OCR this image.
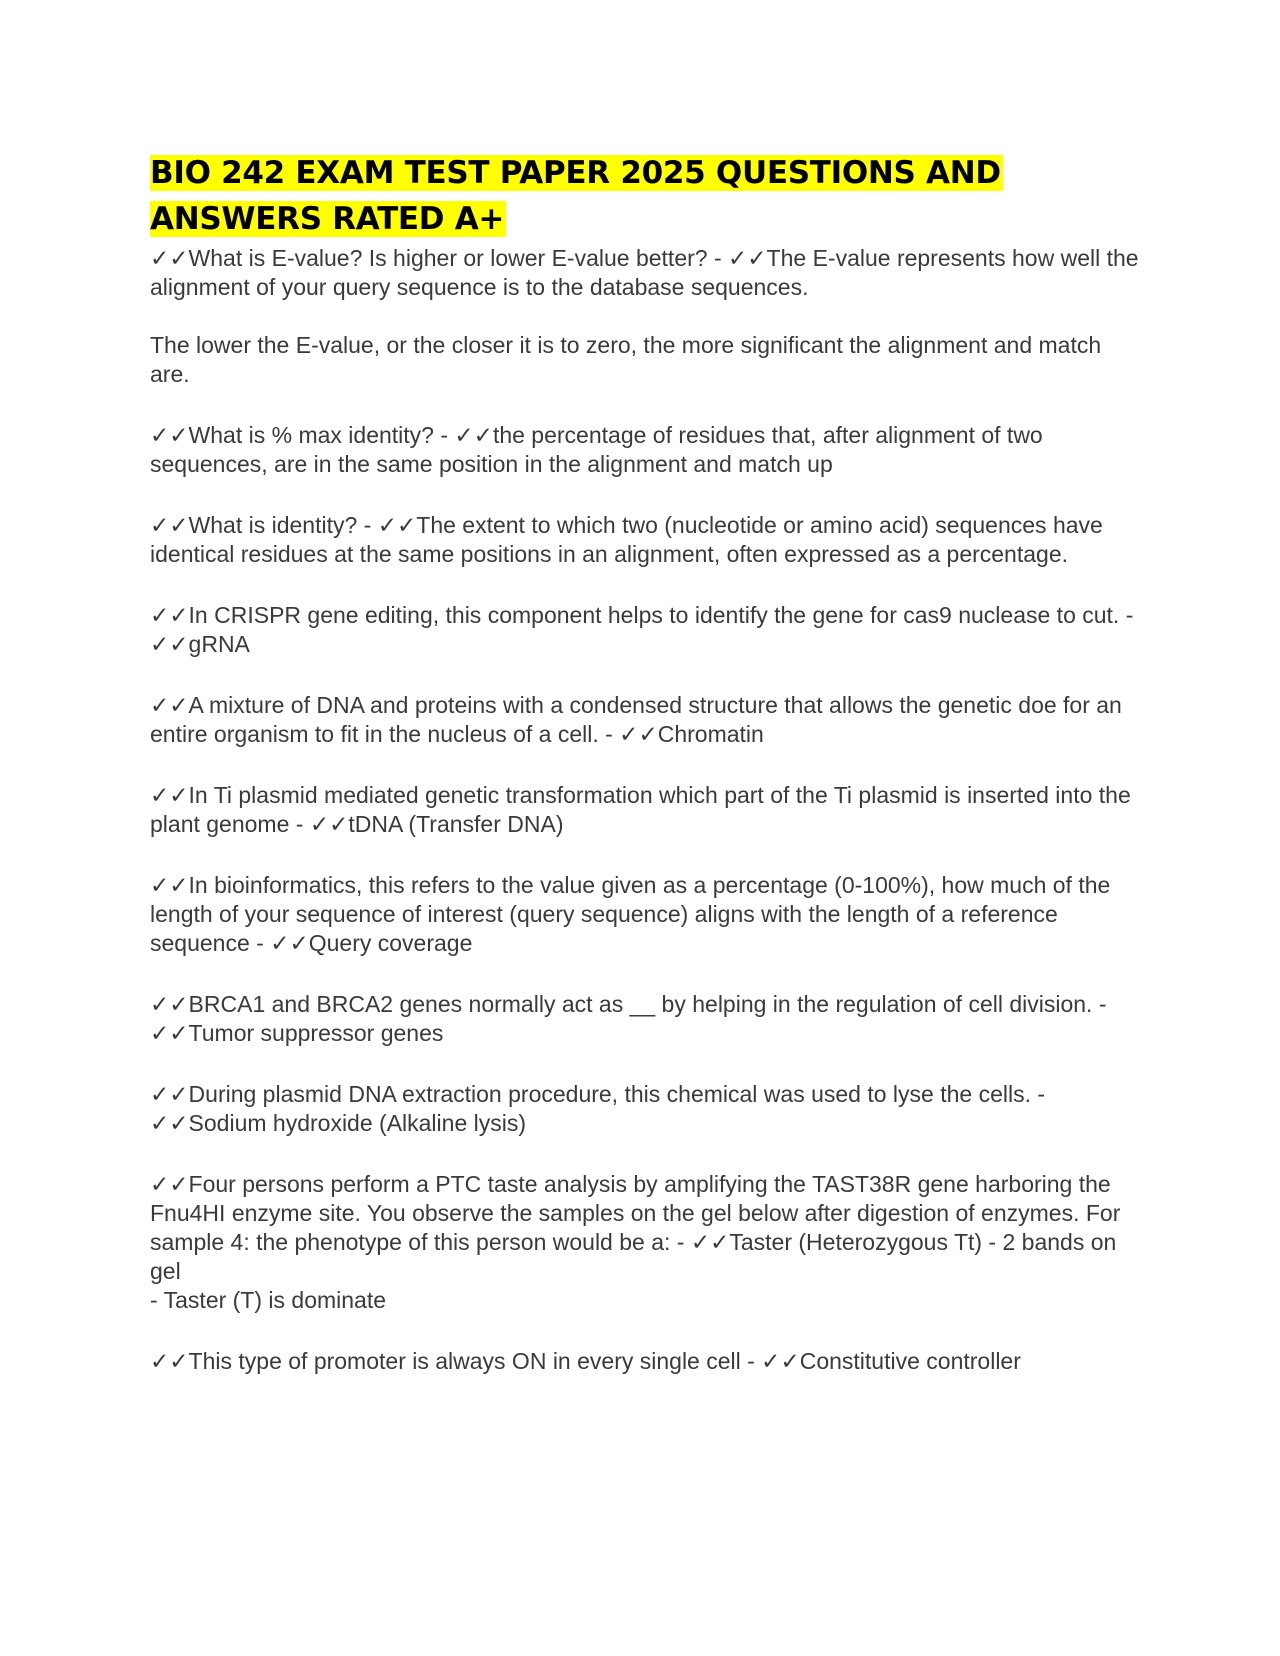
BIO 242 EXAM TEST PAPER 2025 QUESTIONS AND
ANSWERS RATED A+

✓✓What is E-value? Is higher or lower E-value better? - ✓✓The E-value represents how well the alignment of your query sequence is to the database sequences.

The lower the E-value, or the closer it is to zero, the more significant the alignment and match are.

✓✓What is % max identity? - ✓✓the percentage of residues that, after alignment of two sequences, are in the same position in the alignment and match up

✓✓What is identity? - ✓✓The extent to which two (nucleotide or amino acid) sequences have identical residues at the same positions in an alignment, often expressed as a percentage.

✓✓In CRISPR gene editing, this component helps to identify the gene for cas9 nuclease to cut. - ✓✓gRNA

✓✓A mixture of DNA and proteins with a condensed structure that allows the genetic doe for an entire organism to fit in the nucleus of a cell. - ✓✓Chromatin

✓✓In Ti plasmid mediated genetic transformation which part of the Ti plasmid is inserted into the plant genome - ✓✓tDNA (Transfer DNA)

✓✓In bioinformatics, this refers to the value given as a percentage (0-100%), how much of the length of your sequence of interest (query sequence) aligns with the length of a reference sequence - ✓✓Query coverage

✓✓BRCA1 and BRCA2 genes normally act as __ by helping in the regulation of cell division. - ✓✓Tumor suppressor genes

✓✓During plasmid DNA extraction procedure, this chemical was used to lyse the cells. - ✓✓Sodium hydroxide (Alkaline lysis)

✓✓Four persons perform a PTC taste analysis by amplifying the TAST38R gene harboring the Fnu4HI enzyme site. You observe the samples on the gel below after digestion of enzymes. For sample 4: the phenotype of this person would be a: - ✓✓Taster (Heterozygous Tt) - 2 bands on gel

- Taster (T) is dominate

✓✓This type of promoter is always ON in every single cell - ✓✓Constitutive controller
